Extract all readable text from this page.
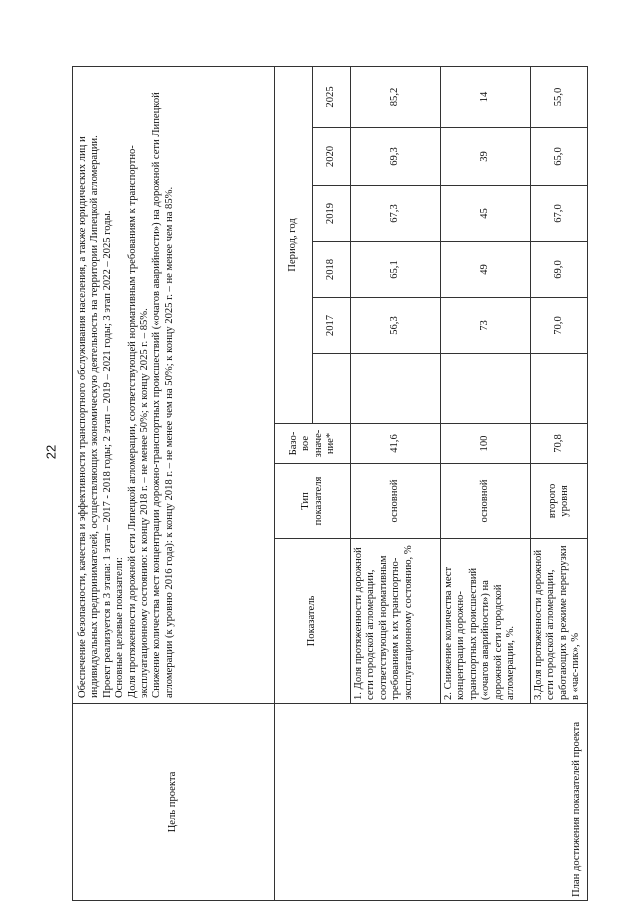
22
Цель проекта	Обеспечение безопасности, качества и эффективности транспортного обслуживания населения, а также юридических лиц и индивидуальных предпринимателей, осуществляющих экономическую деятельность на территории Липецкой агломерации. Проект реализуется в 3 этапа: 1 этап – 2017 - 2018 годы; 2 этап – 2019 – 2021 годы; 3 этап 2022 – 2025 годы. Основные целевые показатели: Доля протяженности дорожной сети Липецкой агломерации, соответствующей нормативным требованиям к транспортно-эксплуатационному состоянию: к концу 2018 г. – не менее 50%; к концу 2025 г. – 85%. Снижение количества мест концентрации дорожно-транспортных происшествий («очагов аварийности») на дорожной сети Липецкой агломерации (к уровню 2016 года): к концу 2018 г. – не менее чем на 50%; к концу 2025 г. – не менее чем на 85%.								

План достижения показателей проекта	Показатель	Тип показателя	Базо-вое значе-ние*	Период, год					
					2017	2018	2019	2020	2025
	1. Доля протяженности дорожной сети городской агломерации, соответствующей нормативным требованиям к их транспортно-эксплуатационному состоянию, %	основной	41,6		56,3	65,1	67,3	69,3	85,2
	2. Снижение количества мест концентрации дорожно-транспортных происшествий («очагов аварийности») на дорожной сети городской агломерации, %.	основной	100		73	49	45	39	14
	3.Доля протяженности дорожной сети городской агломерации, работающих в режиме перегрузки в «час-пик», %	второго уровня	70,8		70,0	69,0	67,0	65,0	55,0
